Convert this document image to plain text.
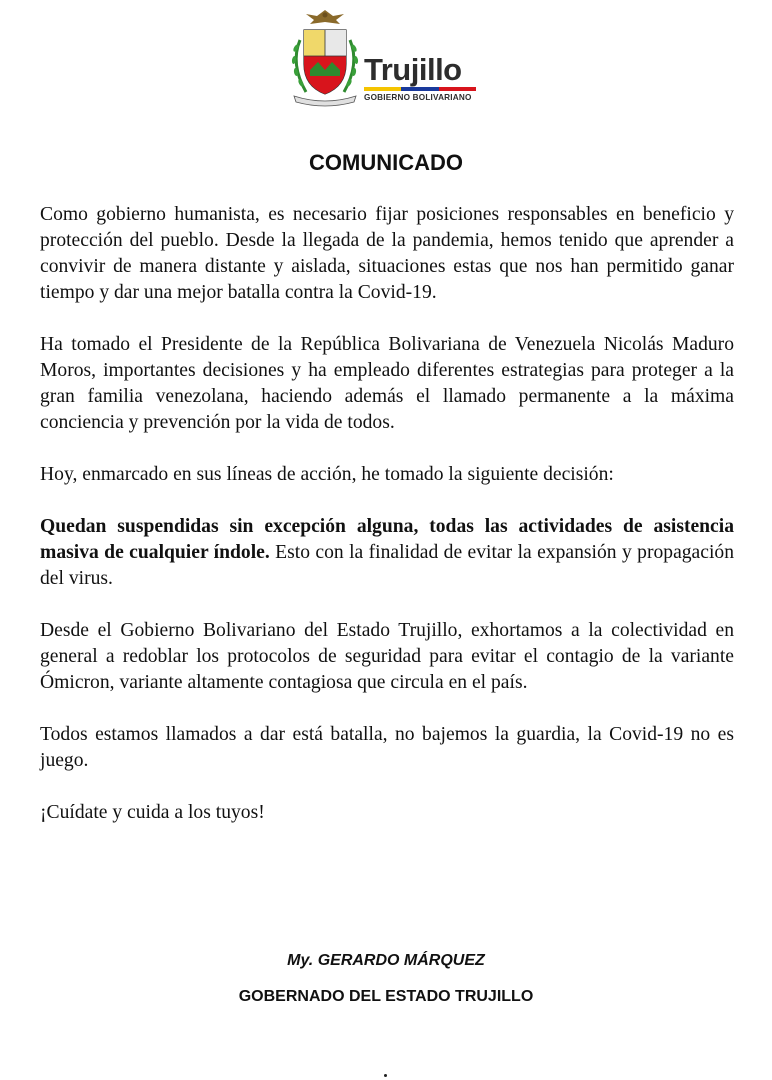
Trujillo
GOBIERNO BOLIVARIANO
COMUNICADO

Como gobierno humanista, es necesario fijar posiciones responsables en beneficio y protección del pueblo. Desde la llegada de la pandemia, hemos tenido que aprender a convivir de manera distante y aislada, situaciones estas que nos han permitido ganar tiempo y dar una mejor batalla contra la Covid-19.

Ha tomado el Presidente de la República Bolivariana de Venezuela Nicolás Maduro Moros, importantes decisiones y ha empleado diferentes estrategias para proteger a la gran familia venezolana, haciendo además el llamado permanente a la máxima conciencia y prevención por la vida de todos.

Hoy, enmarcado en sus líneas de acción, he tomado la siguiente decisión:

Quedan suspendidas sin excepción alguna, todas las actividades de asistencia masiva de cualquier índole. Esto con la finalidad de evitar la expansión y propagación del virus.

Desde el Gobierno Bolivariano del Estado Trujillo, exhortamos a la colectividad en general a redoblar los protocolos de seguridad para evitar el contagio de la variante Ómicron, variante altamente contagiosa que circula en el país.

Todos estamos llamados a dar está batalla, no bajemos la guardia, la Covid-19 no es juego.

¡Cuídate y cuida a los tuyos!

My. GERARDO MÁRQUEZ
GOBERNADO DEL ESTADO TRUJILLO
